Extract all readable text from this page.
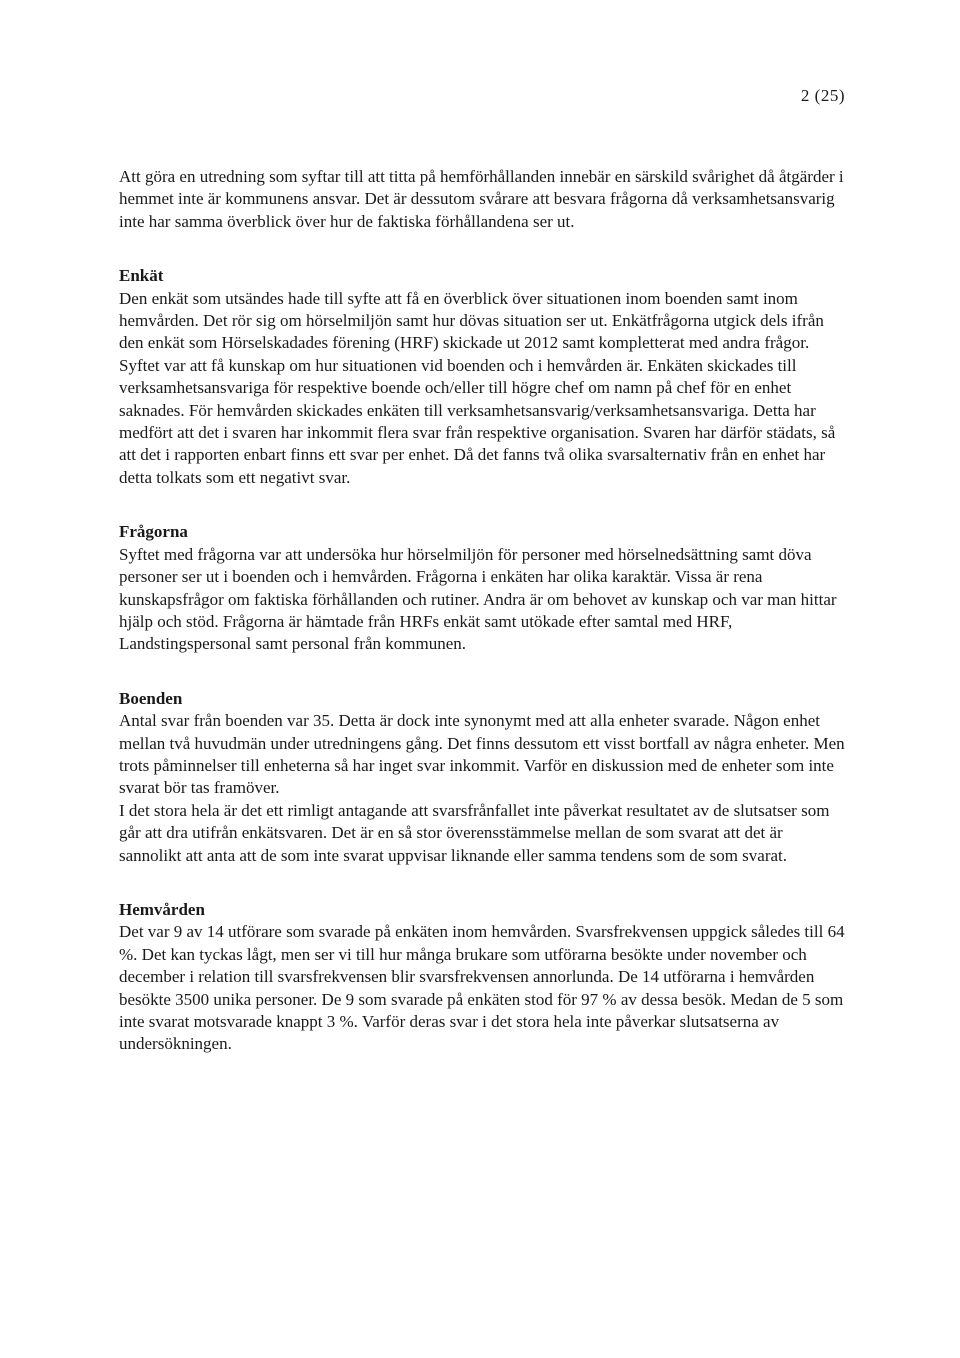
2 (25)

Att göra en utredning som syftar till att titta på hemförhållanden innebär en särskild svårighet då åtgärder i hemmet inte är kommunens ansvar. Det är dessutom svårare att besvara frågorna då verksamhetsansvarig inte har samma överblick över hur de faktiska förhållandena ser ut.

Enkät

Den enkät som utsändes hade till syfte att få en överblick över situationen inom boenden samt inom hemvården. Det rör sig om hörselmiljön samt hur dövas situation ser ut. Enkätfrågorna utgick dels ifrån den enkät som Hörselskadades förening (HRF) skickade ut 2012 samt kompletterat med andra frågor. Syftet var att få kunskap om hur situationen vid boenden och i hemvården är. Enkäten skickades till verksamhetsansvariga för respektive boende och/eller till högre chef om namn på chef för en enhet saknades. För hemvården skickades enkäten till verksamhetsansvarig/verksamhetsansvariga. Detta har medfört att det i svaren har inkommit flera svar från respektive organisation. Svaren har därför städats, så att det i rapporten enbart finns ett svar per enhet. Då det fanns två olika svarsalternativ från en enhet har detta tolkats som ett negativt svar.

Frågorna

Syftet med frågorna var att undersöka hur hörselmiljön för personer med hörselnedsättning samt döva personer ser ut i boenden och i hemvården. Frågorna i enkäten har olika karaktär. Vissa är rena kunskapsfrågor om faktiska förhållanden och rutiner. Andra är om behovet av kunskap och var man hittar hjälp och stöd. Frågorna är hämtade från HRFs enkät samt utökade efter samtal med HRF, Landstingspersonal samt personal från kommunen.

Boenden

Antal svar från boenden var 35. Detta är dock inte synonymt med att alla enheter svarade. Någon enhet mellan två huvudmän under utredningens gång. Det finns dessutom ett visst bortfall av några enheter. Men trots påminnelser till enheterna så har inget svar inkommit. Varför en diskussion med de enheter som inte svarat bör tas framöver.

I det stora hela är det ett rimligt antagande att svarsfrånfallet inte påverkat resultatet av de slutsatser som går att dra utifrån enkätsvaren. Det är en så stor överensstämmelse mellan de som svarat att det är sannolikt att anta att de som inte svarat uppvisar liknande eller samma tendens som de som svarat.

Hemvården

Det var 9 av 14 utförare som svarade på enkäten inom hemvården. Svarsfrekvensen uppgick således till 64 %. Det kan tyckas lågt, men ser vi till hur många brukare som utförarna besökte under november och december i relation till svarsfrekvensen blir svarsfrekvensen annorlunda. De 14 utförarna i hemvården besökte 3500 unika personer. De 9 som svarade på enkäten stod för 97 % av dessa besök. Medan de 5 som inte svarat motsvarade knappt 3 %. Varför deras svar i det stora hela inte påverkar slutsatserna av undersökningen.
